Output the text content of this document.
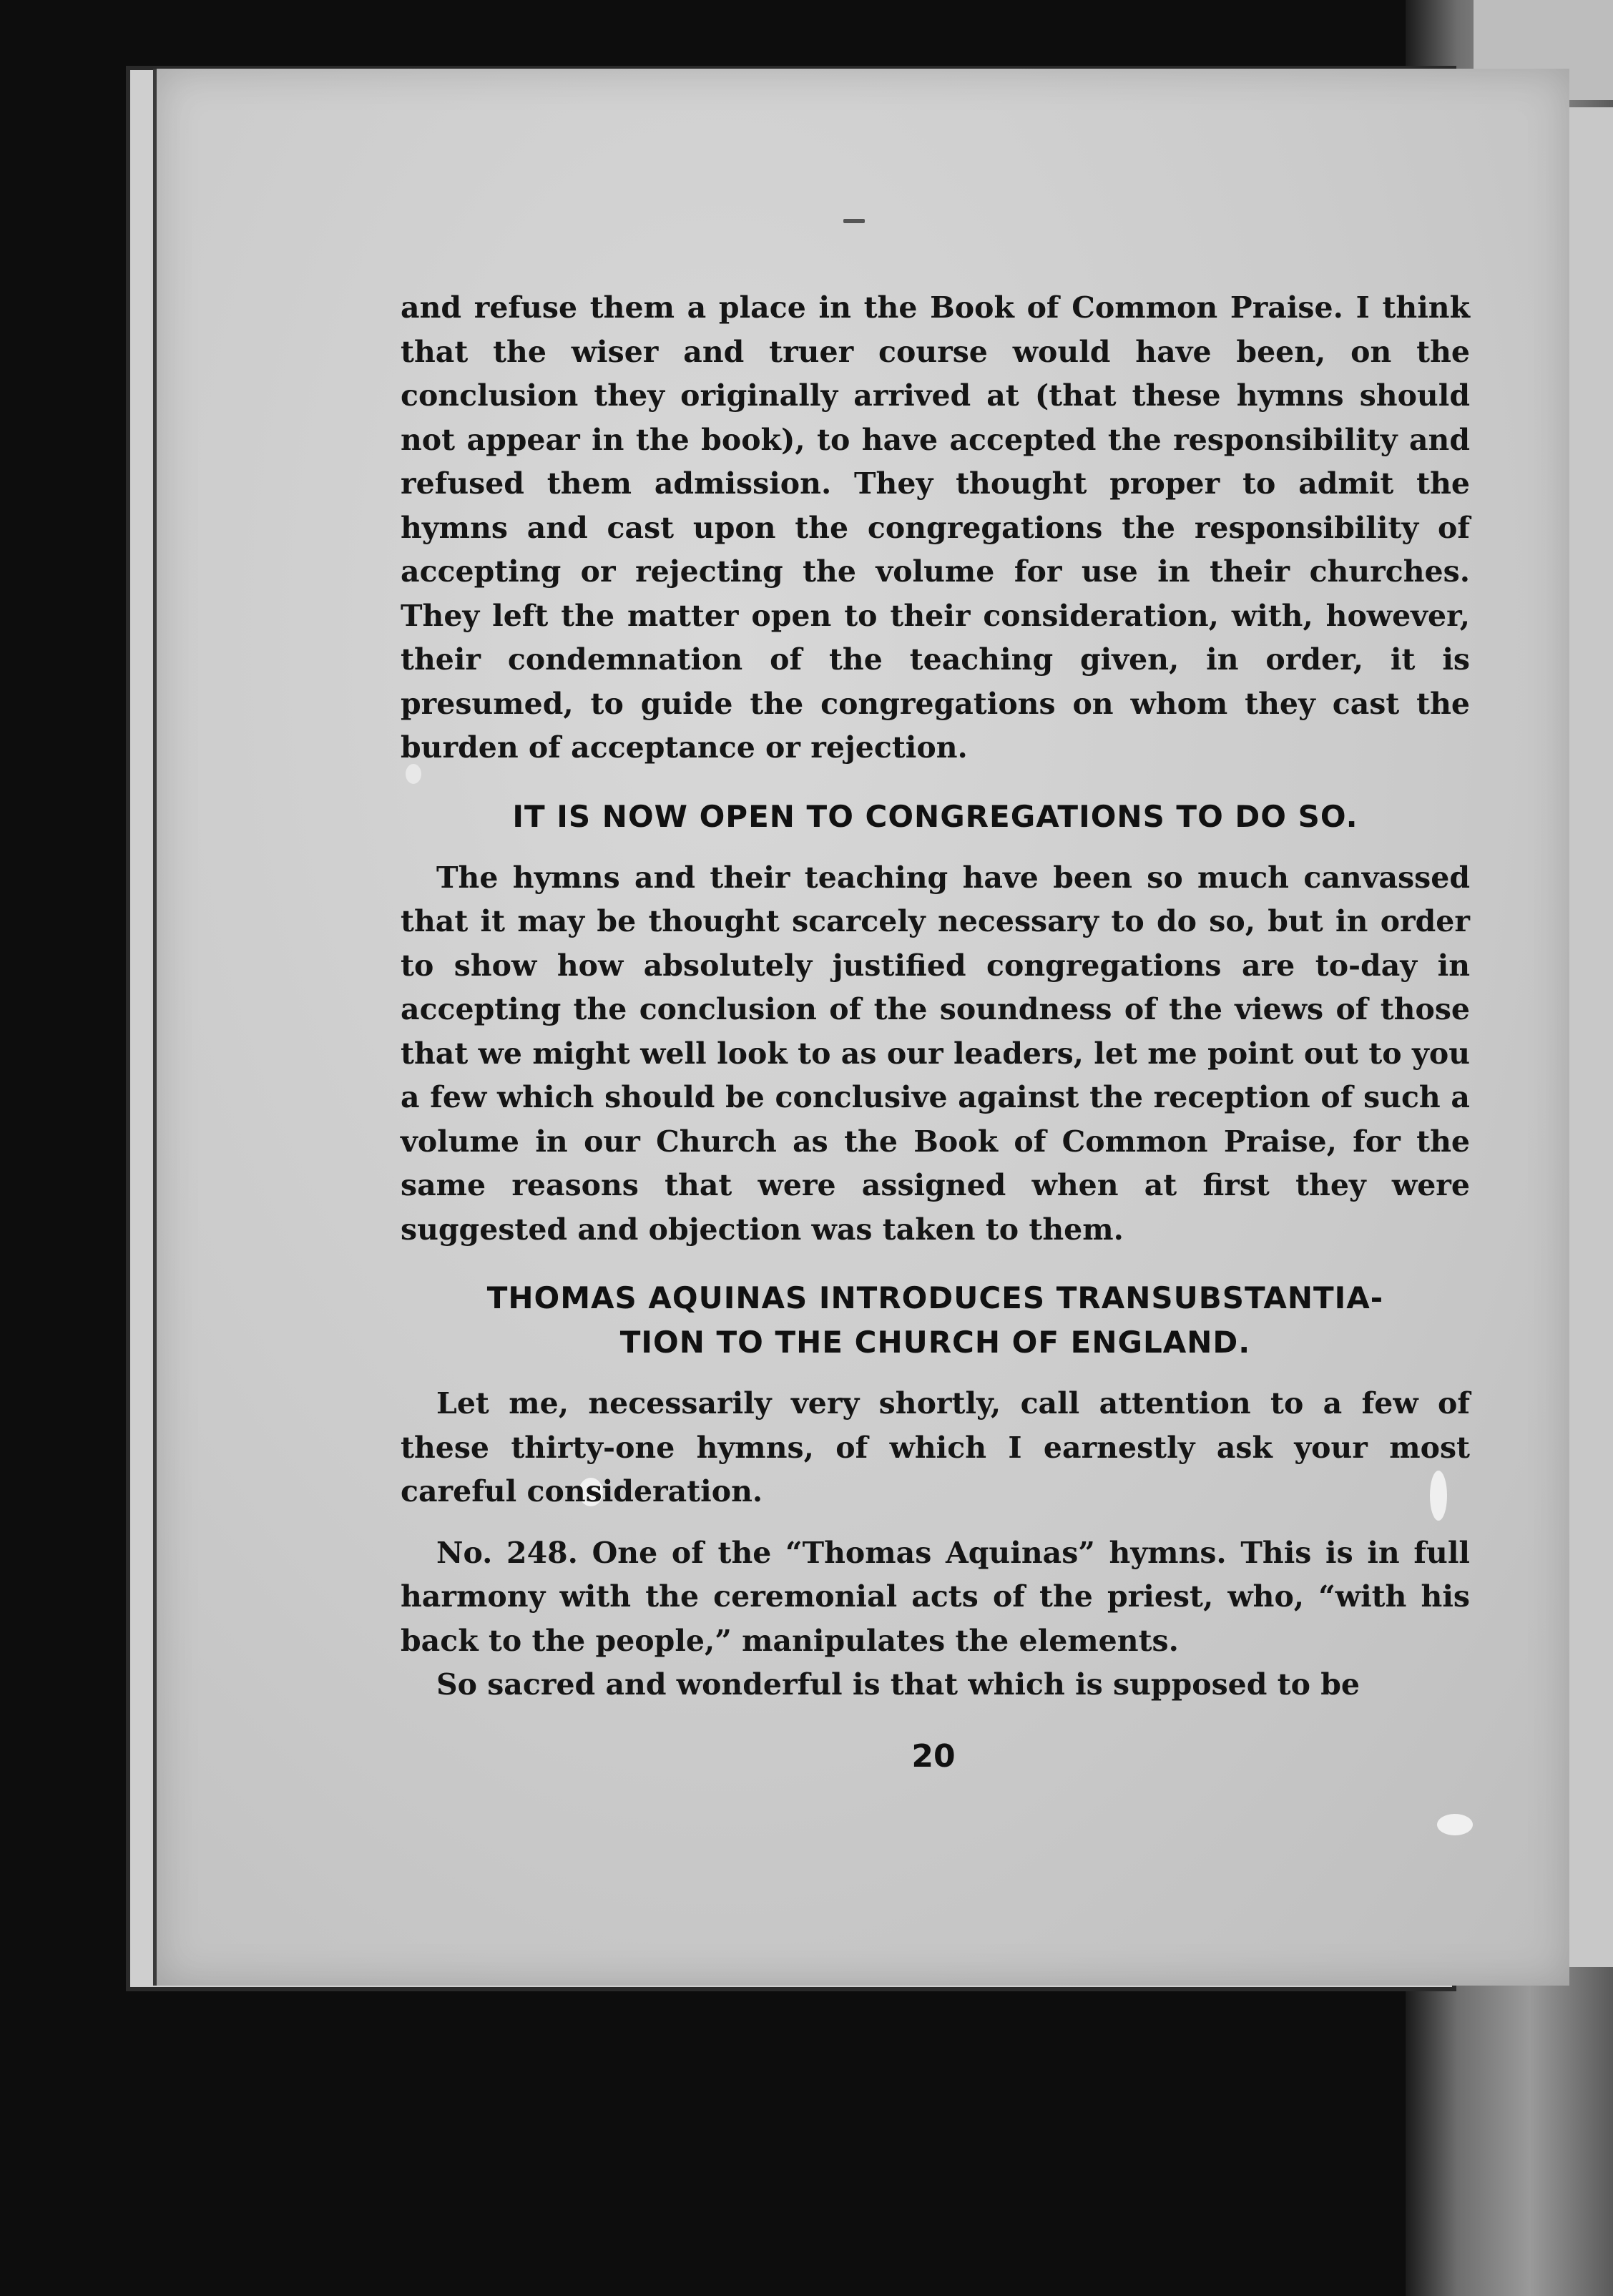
and refuse them a place in the Book of Common Praise. I think that the wiser and truer course would have been, on the conclusion they originally arrived at (that these hymns should not appear in the book), to have accepted the responsibility and refused them admission. They thought proper to admit the hymns and cast upon the congregations the responsibility of accepting or rejecting the volume for use in their churches. They left the matter open to their consideration, with, however, their condemnation of the teaching given, in order, it is presumed, to guide the congregations on whom they cast the burden of acceptance or rejection.

IT IS NOW OPEN TO CONGREGATIONS TO DO SO.

The hymns and their teaching have been so much canvassed that it may be thought scarcely necessary to do so, but in order to show how absolutely justified congregations are to-day in accepting the conclusion of the soundness of the views of those that we might well look to as our leaders, let me point out to you a few which should be conclusive against the reception of such a volume in our Church as the Book of Common Praise, for the same reasons that were assigned when at first they were suggested and objection was taken to them.

THOMAS AQUINAS INTRODUCES TRANSUBSTANTIA-
TION TO THE CHURCH OF ENGLAND.

Let me, necessarily very shortly, call attention to a few of these thirty-one hymns, of which I earnestly ask your most careful consideration.

No. 248. One of the “Thomas Aquinas” hymns. This is in full harmony with the ceremonial acts of the priest, who, “with his back to the people,” manipulates the elements.

So sacred and wonderful is that which is supposed to be

20
